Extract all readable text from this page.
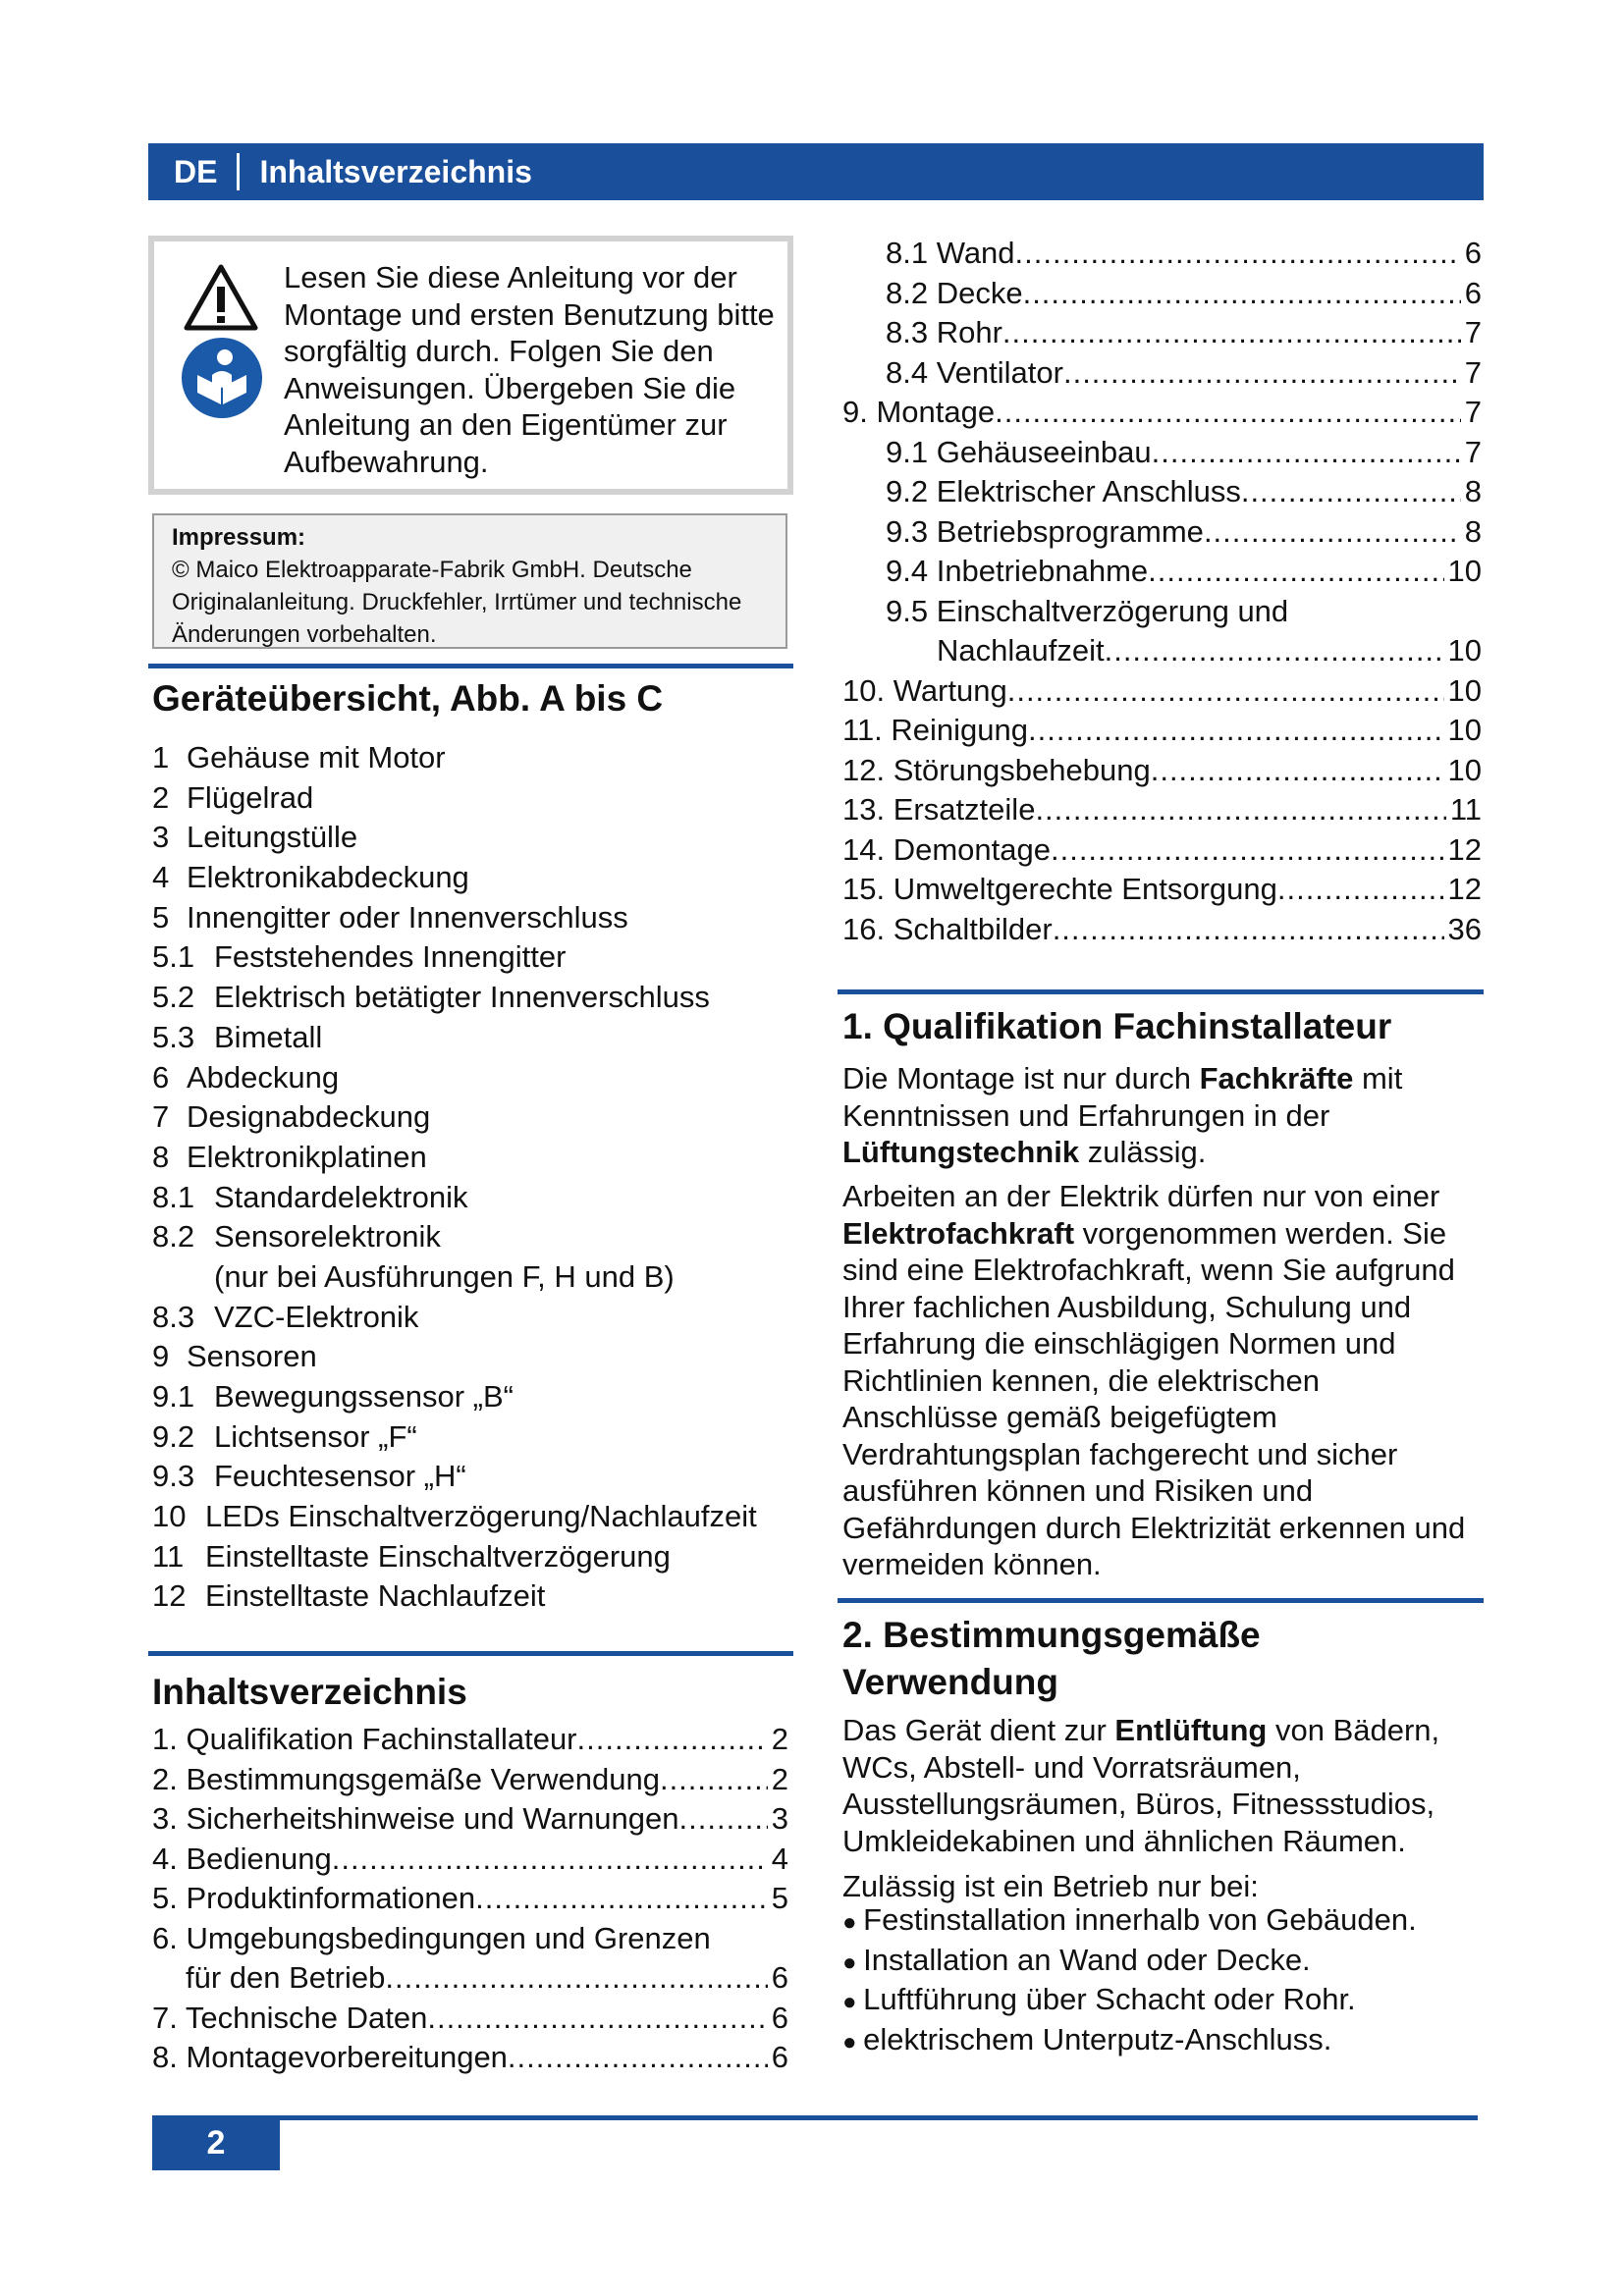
DE Inhaltsverzeichnis
Lesen Sie diese Anleitung vor der Montage und ersten Benutzung bitte sorgfältig durch. Folgen Sie den Anweisungen. Übergeben Sie die Anleitung an den Eigentümer zur Aufbewahrung.
Impressum:
© Maico Elektroapparate-Fabrik GmbH. Deutsche Originalanleitung. Druckfehler, Irrtümer und technische Änderungen vorbehalten.
Geräteübersicht, Abb. A bis C
1 Gehäuse mit Motor
2 Flügelrad
3 Leitungstülle
4 Elektronikabdeckung
5 Innengitter oder Innenverschluss
5.1 Feststehendes Innengitter
5.2 Elektrisch betätigter Innenverschluss
5.3 Bimetall
6 Abdeckung
7 Designabdeckung
8 Elektronikplatinen
8.1 Standardelektronik
8.2 Sensorelektronik
(nur bei Ausführungen F, H und B)
8.3 VZC-Elektronik
9 Sensoren
9.1 Bewegungssensor „B“
9.2 Lichtsensor „F“
9.3 Feuchtesensor „H“
10 LEDs Einschaltverzögerung/Nachlaufzeit
11 Einstelltaste Einschaltverzögerung
12 Einstelltaste Nachlaufzeit
Inhaltsverzeichnis
1. Qualifikation Fachinstallateur .....	2
2. Bestimmungsgemäße Verwendung .....	2
3. Sicherheitshinweise und Warnungen .....	3
4. Bedienung .....	4
5. Produktinformationen .....	5
6. Umgebungsbedingungen und Grenzen
für den Betrieb .....	6
7. Technische Daten .....	6
8. Montagevorbereitungen .....	6
8.1 Wand .....	6
8.2 Decke .....	6
8.3 Rohr .....	7
8.4 Ventilator .....	7
9. Montage .....	7
9.1 Gehäuseeinbau .....	7
9.2 Elektrischer Anschluss .....	8
9.3 Betriebsprogramme .....	8
9.4 Inbetriebnahme .....	10
9.5 Einschaltverzögerung und
Nachlaufzeit .....	10
10. Wartung .....	10
11. Reinigung .....	10
12. Störungsbehebung .....	10
13. Ersatzteile .....	11
14. Demontage .....	12
15. Umweltgerechte Entsorgung .....	12
16. Schaltbilder .....	36
1. Qualifikation Fachinstallateur

Die Montage ist nur durch Fachkräfte mit Kenntnissen und Erfahrungen in der Lüftungstechnik zulässig.

Arbeiten an der Elektrik dürfen nur von einer Elektrofachkraft vorgenommen werden. Sie sind eine Elektrofachkraft, wenn Sie aufgrund Ihrer fachlichen Ausbildung, Schulung und Erfahrung die einschlägigen Normen und Richtlinien kennen, die elektrischen Anschlüsse gemäß beigefügtem Verdrahtungsplan fachgerecht und sicher ausführen können und Risiken und Gefährdungen durch Elektrizität erkennen und vermeiden können.

2. Bestimmungsgemäße
Verwendung

Das Gerät dient zur Entlüftung von Bädern, WCs, Abstell- und Vorratsräumen, Ausstellungsräumen, Büros, Fitnessstudios, Umkleidekabinen und ähnlichen Räumen.

Zulässig ist ein Betrieb nur bei:

● Festinstallation innerhalb von Gebäuden.
● Installation an Wand oder Decke.
● Luftführung über Schacht oder Rohr.
● elektrischem Unterputz-Anschluss.
2
